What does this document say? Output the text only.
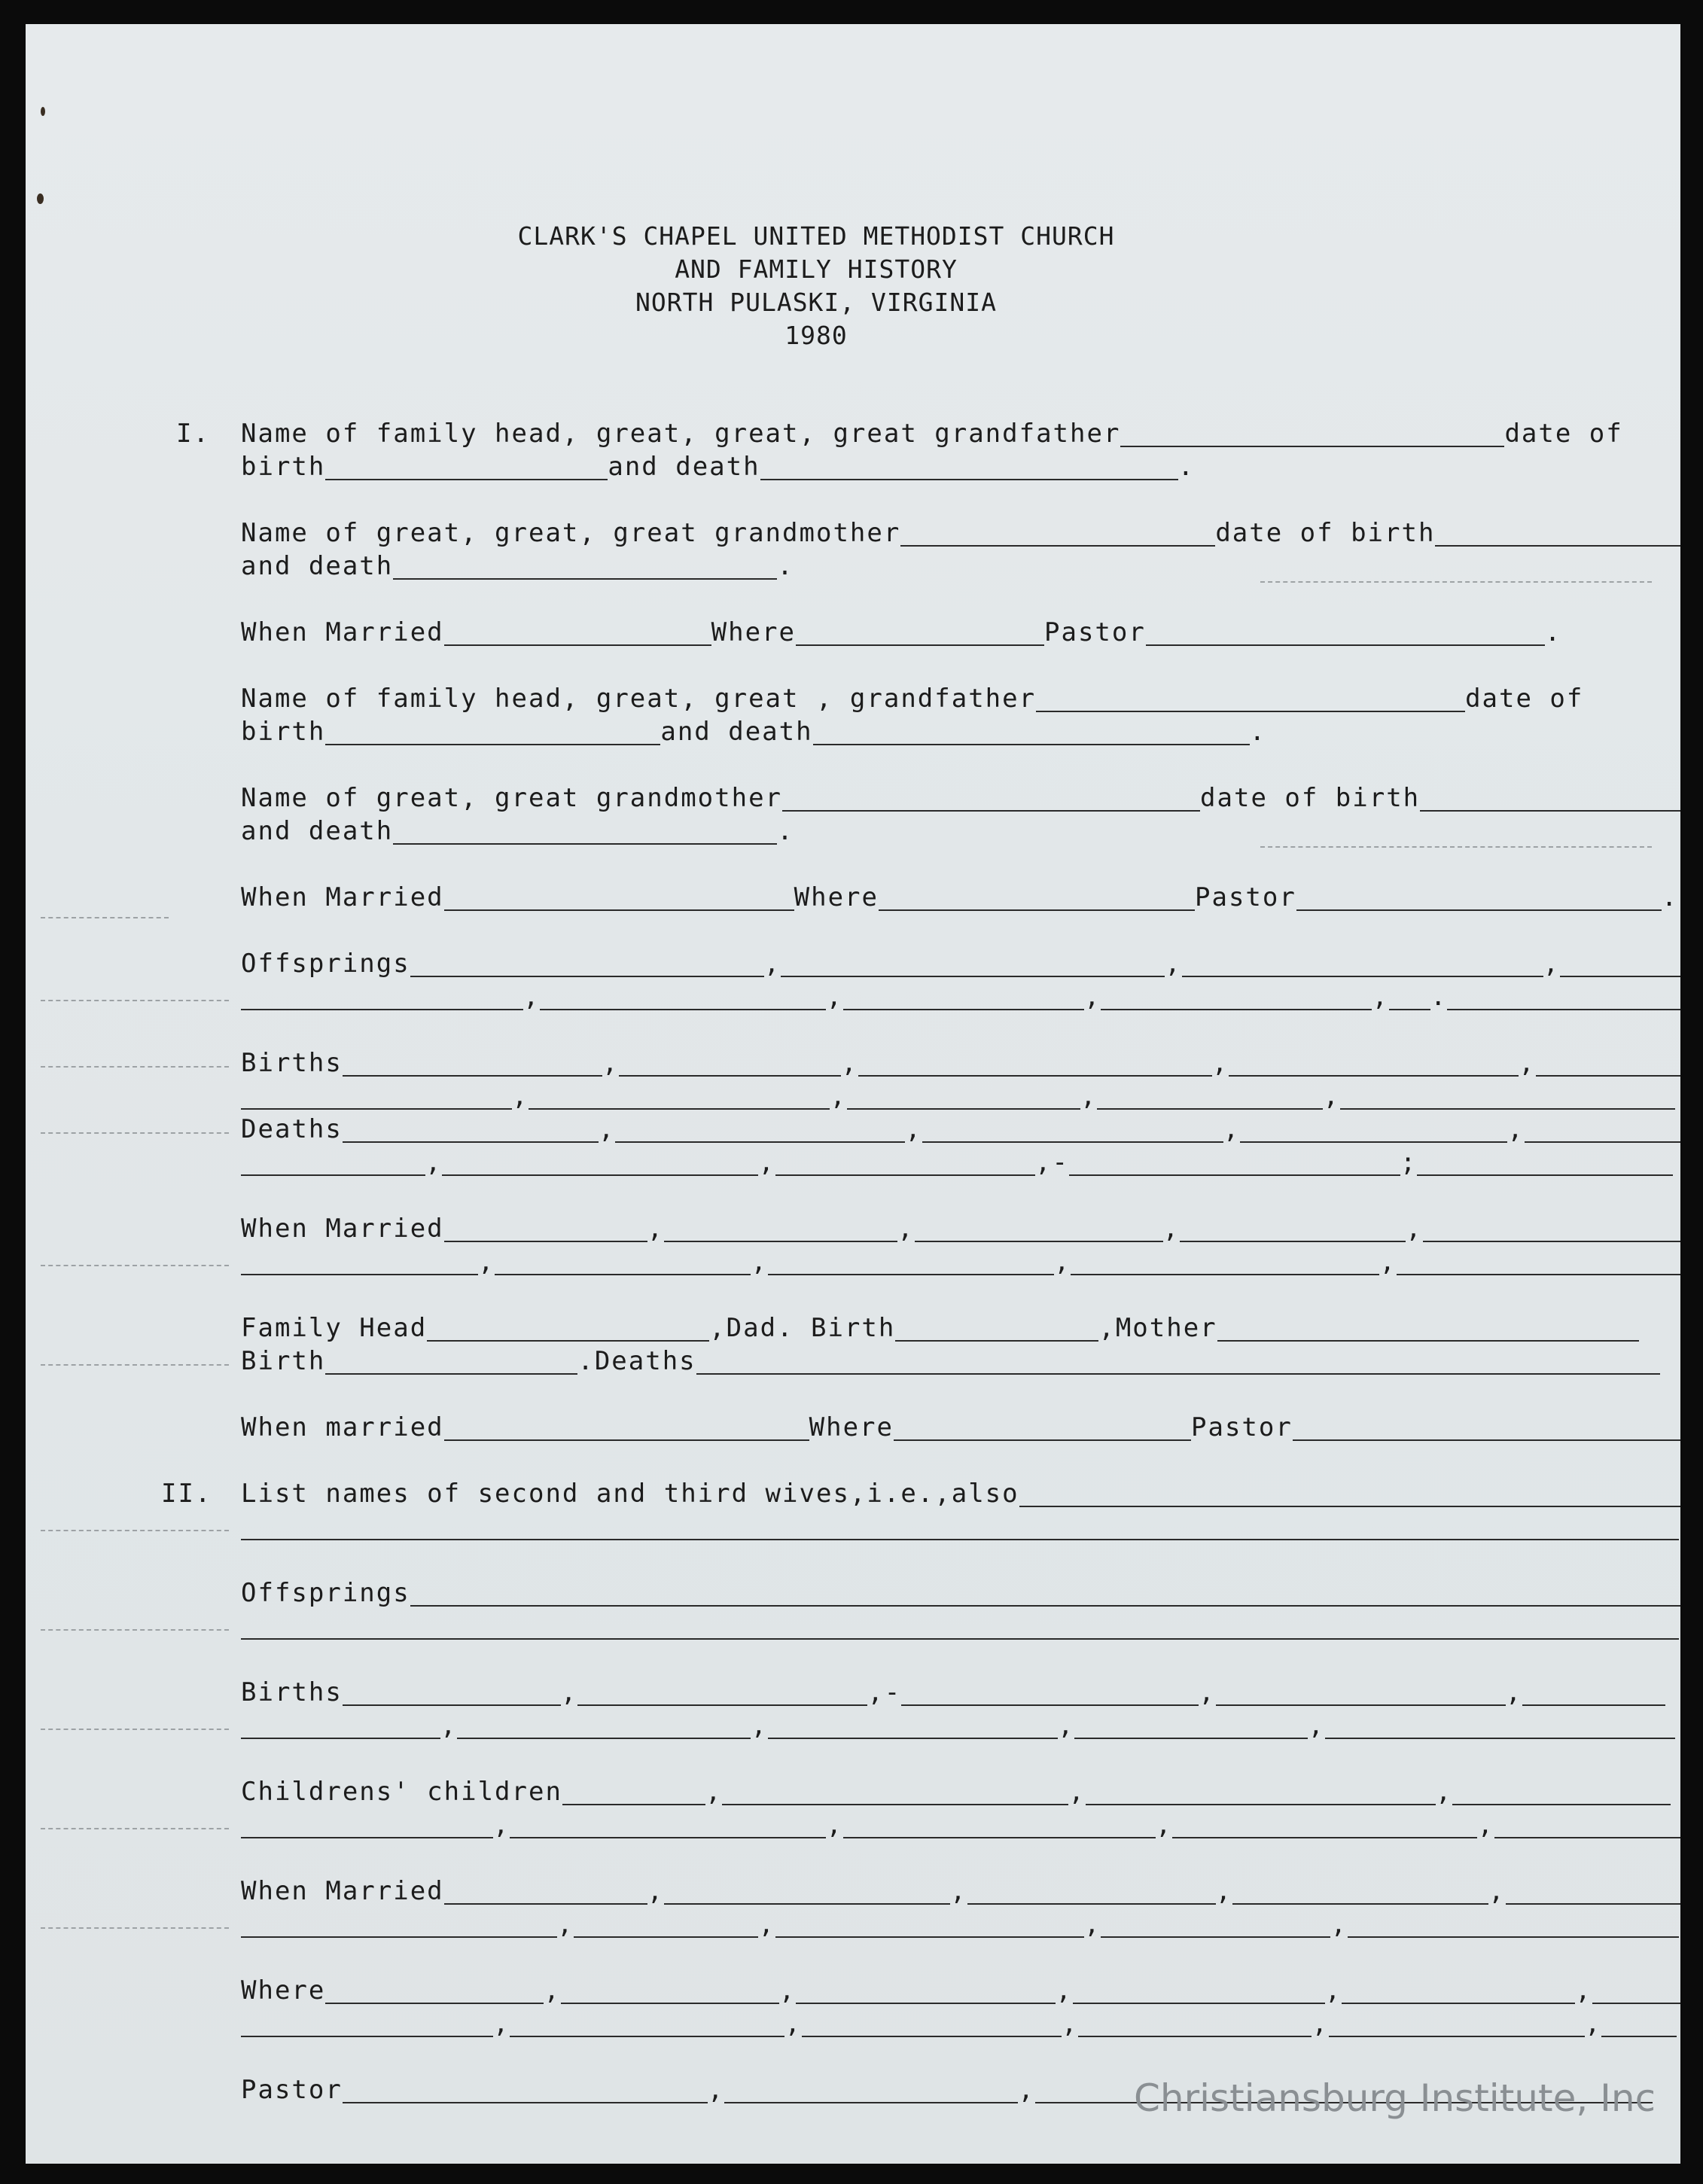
CLARK'S CHAPEL UNITED METHODIST CHURCH
AND FAMILY HISTORY
NORTH PULASKI, VIRGINIA
1980
I. Name of family head, great, great, great grandfather	date of
birth	and death	.
Name of great, great, great grandmother	date of birth
and death	.
When Married	Where	Pastor	.
Name of family head, great, great , grandfather	date of
birth	and death	.
Name of great, great grandmother	date of birth
and death	.
When Married	Where	Pastor	.
Offsprings	,	,	,
,	,	,	, .
Births	,	,	,	,
,	,	,	,
Deaths	,	,	,	,
,	,	,-	;
When Married	,	,	,	,
,	,	,	,
Family Head	,Dad. Birth	,Mother
Birth	.Deaths
When married	Where	Pastor
II. List names of second and third wives,i.e.,also
Offsprings
Births	,	,-	,	,
,	,	,	,
Childrens' children	,	,	,
,	,	,	,
When Married	,	,	,	,
,	,	,	,
Where	,	,	,	,	,
,	,	,	,	,
Pastor	,	,	Christiansburg Institute, Inc
